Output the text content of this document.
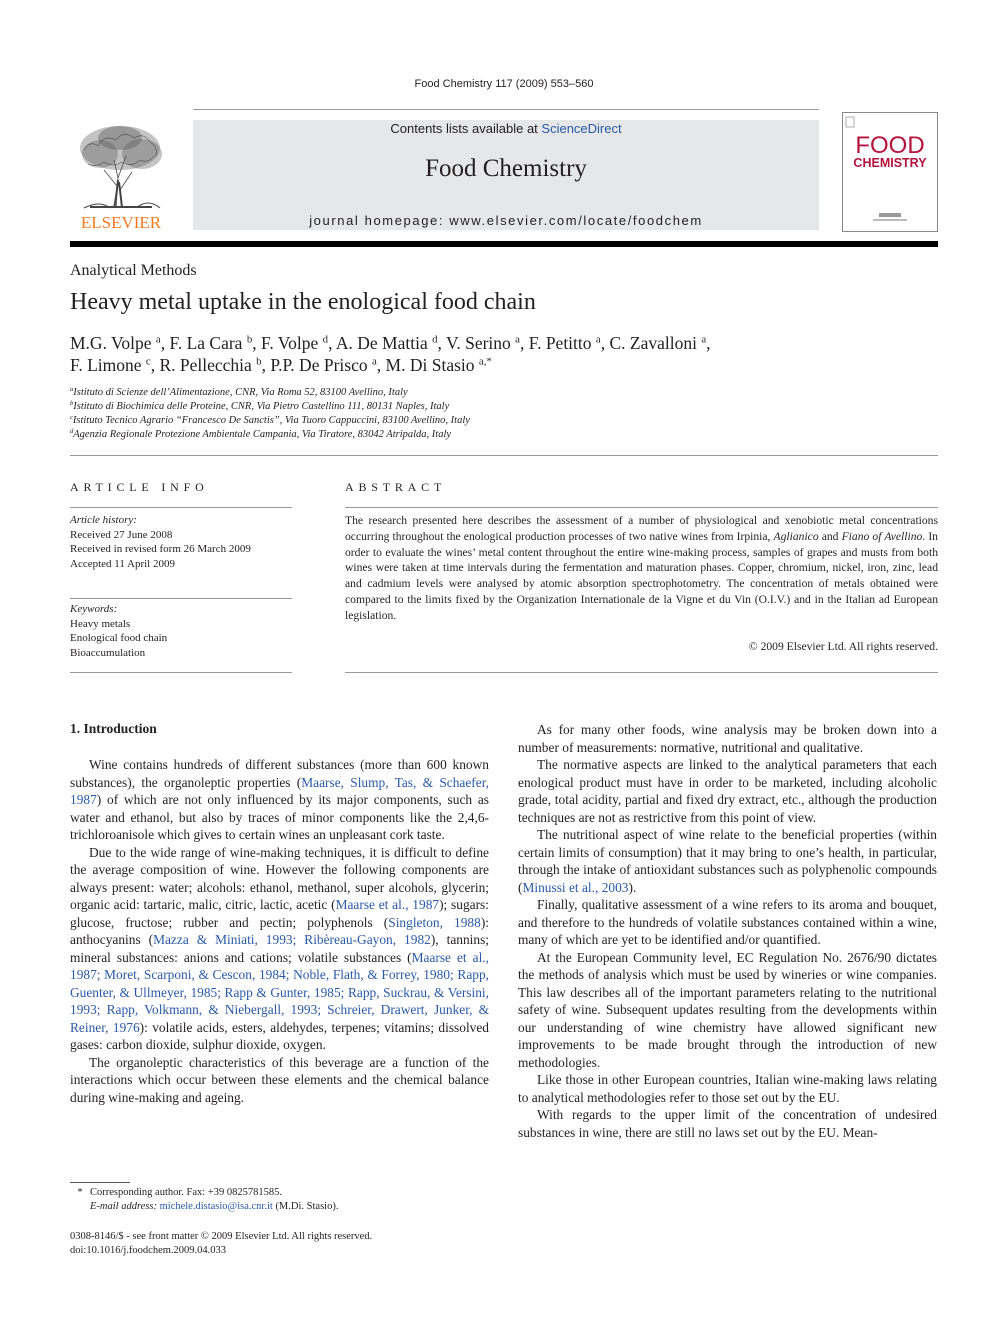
Food Chemistry 117 (2009) 553–560
ELSEVIER
Contents lists available at ScienceDirect
Food Chemistry
journal homepage: www.elsevier.com/locate/foodchem
FOOD
CHEMISTRY
Analytical Methods
Heavy metal uptake in the enological food chain
M.G. Volpe $^a$, F. La Cara $^b$, F. Volpe $^d$, A. De Mattia $^d$, V. Serino $^a$, F. Petitto $^a$, C. Zavalloni $^a$,
F. Limone $^c$, R. Pellecchia $^b$, P.P. De Prisco $^a$, M. Di Stasio $^{a,*}$
$^a$Istituto di Scienze dell’Alimentazione, CNR, Via Roma 52, 83100 Avellino, Italy
$^b$Istituto di Biochimica delle Proteine, CNR, Via Pietro Castellino 111, 80131 Naples, Italy
$^c$Istituto Tecnico Agrario “Francesco De Sanctis”, Via Tuoro Cappuccini, 83100 Avellino, Italy
$^d$Agenzia Regionale Protezione Ambientale Campania, Via Tiratore, 83042 Atripalda, Italy
ARTICLE INFO	ABSTRACT
Article history:
Received 27 June 2008
Received in revised form 26 March 2009
Accepted 11 April 2009
Keywords:
Heavy metals
Enological food chain
Bioaccumulation
The research presented here describes the assessment of a number of physiological and xenobiotic metal concentrations occurring throughout the enological production processes of two native wines from Irpinia, Aglianico and Fiano of Avellino. In order to evaluate the wines’ metal content throughout the entire wine-making process, samples of grapes and musts from both wines were taken at time intervals during the fermentation and maturation phases. Copper, chromium, nickel, iron, zinc, lead and cadmium levels were analysed by atomic absorption spectrophotometry. The concentration of metals obtained were compared to the limits fixed by the Organization Internationale de la Vigne et du Vin (O.I.V.) and in the Italian ad European legislation.
© 2009 Elsevier Ltd. All rights reserved.
1. Introduction

Wine contains hundreds of different substances (more than 600 known substances), the organoleptic properties (Maarse, Slump, Tas, & Schaefer, 1987) of which are not only influenced by its major components, such as water and ethanol, but also by traces of minor components like the 2,4,6-trichloroanisole which gives to certain wines an unpleasant cork taste.

Due to the wide range of wine-making techniques, it is difficult to define the average composition of wine. However the following components are always present: water; alcohols: ethanol, methanol, super alcohols, glycerin; organic acid: tartaric, malic, citric, lactic, acetic (Maarse et al., 1987); sugars: glucose, fructose; rubber and pectin; polyphenols (Singleton, 1988): anthocyanins (Mazza & Miniati, 1993; Ribèreau-Gayon, 1982), tannins; mineral substances: anions and cations; volatile substances (Maarse et al., 1987; Moret, Scarponi, & Cescon, 1984; Noble, Flath, & Forrey, 1980; Rapp, Guenter, & Ullmeyer, 1985; Rapp & Gunter, 1985; Rapp, Suckrau, & Versini, 1993; Rapp, Volkmann, & Niebergall, 1993; Schreier, Drawert, Junker, & Reiner, 1976): volatile acids, esters, aldehydes, terpenes; vitamins; dissolved gases: carbon dioxide, sulphur dioxide, oxygen.

The organoleptic characteristics of this beverage are a function of the interactions which occur between these elements and the chemical balance during wine-making and ageing.

As for many other foods, wine analysis may be broken down into a number of measurements: normative, nutritional and qualitative.

The normative aspects are linked to the analytical parameters that each enological product must have in order to be marketed, including alcoholic grade, total acidity, partial and fixed dry extract, etc., although the production techniques are not as restrictive from this point of view.

The nutritional aspect of wine relate to the beneficial properties (within certain limits of consumption) that it may bring to one’s health, in particular, through the intake of antioxidant substances such as polyphenolic compounds (Minussi et al., 2003).

Finally, qualitative assessment of a wine refers to its aroma and bouquet, and therefore to the hundreds of volatile substances contained within a wine, many of which are yet to be identified and/or quantified.

At the European Community level, EC Regulation No. 2676/90 dictates the methods of analysis which must be used by wineries or wine companies. This law describes all of the important parameters relating to the nutritional safety of wine. Subsequent updates resulting from the developments within our understanding of wine chemistry have allowed significant new improvements to be made brought through the introduction of new methodologies.

Like those in other European countries, Italian wine-making laws relating to analytical methodologies refer to those set out by the EU.

With regards to the upper limit of the concentration of undesired substances in wine, there are still no laws set out by the EU. Mean-

* Corresponding author. Fax: +39 0825781585.
E-mail address: michele.distasio@isa.cnr.it (M.Di. Stasio).
0308-8146/$ - see front matter © 2009 Elsevier Ltd. All rights reserved.
doi:10.1016/j.foodchem.2009.04.033
